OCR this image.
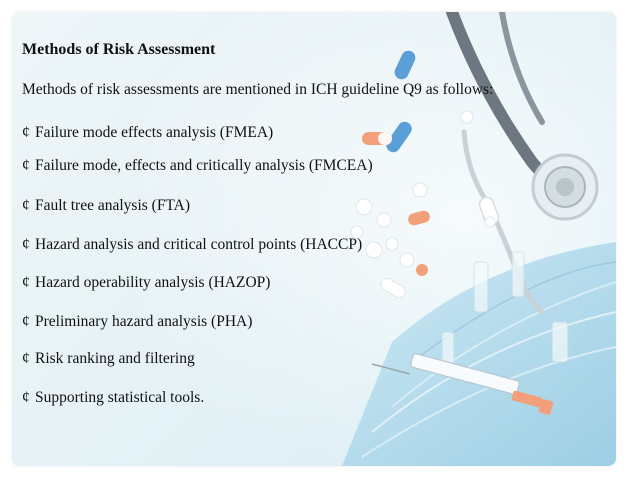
Methods of Risk Assessment

Methods of risk assessments are mentioned in ICH guideline Q9 as follows:

¢ Failure mode effects analysis (FMEA)
¢ Failure mode, effects and critically analysis (FMCEA)
¢ Fault tree analysis (FTA)
¢ Hazard analysis and critical control points (HACCP)
¢ Hazard operability analysis (HAZOP)
¢ Preliminary hazard analysis (PHA)
¢ Risk ranking and filtering
¢ Supporting statistical tools.
